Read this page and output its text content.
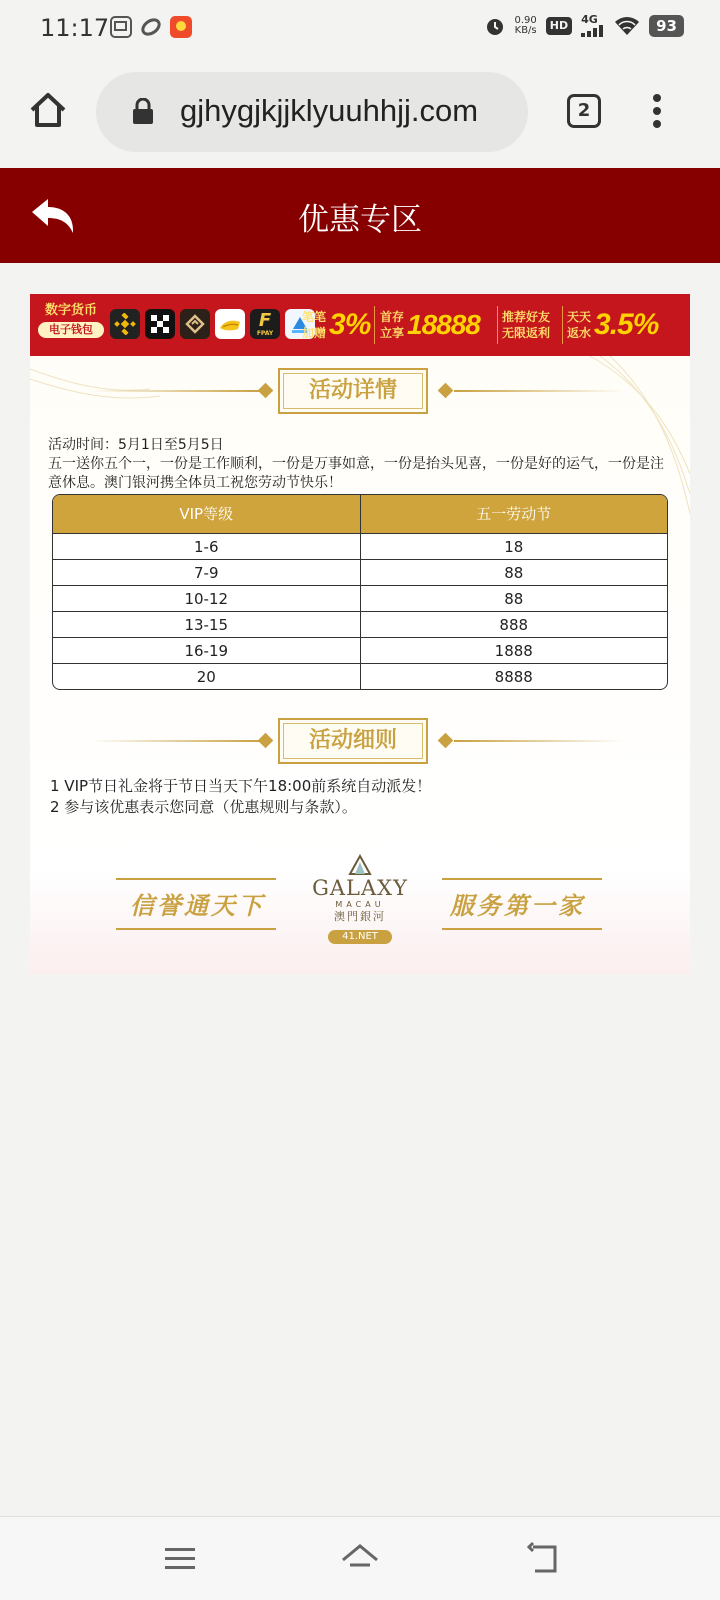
11:17	0.90
KB/s	HD	4G	93
gjhygjkjjklyuuhhjj.com	2
优惠专区
数字货币
电子钱包	F
FPAY
笔笔
加赠 3% 首存
立享 18888 推荐好友
无限返利
天天
返水 3.5%
活动详情
活动时间：5月1日至5月5日
五一送你五个一，一份是工作顺利，一份是万事如意，一份是抬头见喜，一份是好的运气，一份是注意休息。澳门银河携全体员工祝您劳动节快乐！
VIP等级	五一劳动节
1-6	18
7-9	88
10-12	88
13-15	888
16-19	1888
20	8888
活动细则
1 VIP节日礼金将于节日当天下午18:00前系统自动派发！
2 参与该优惠表示您同意（优惠规则与条款）。
信誉通天下
GALAXY
MACAU
澳門銀河
41.NET
服务第一家
